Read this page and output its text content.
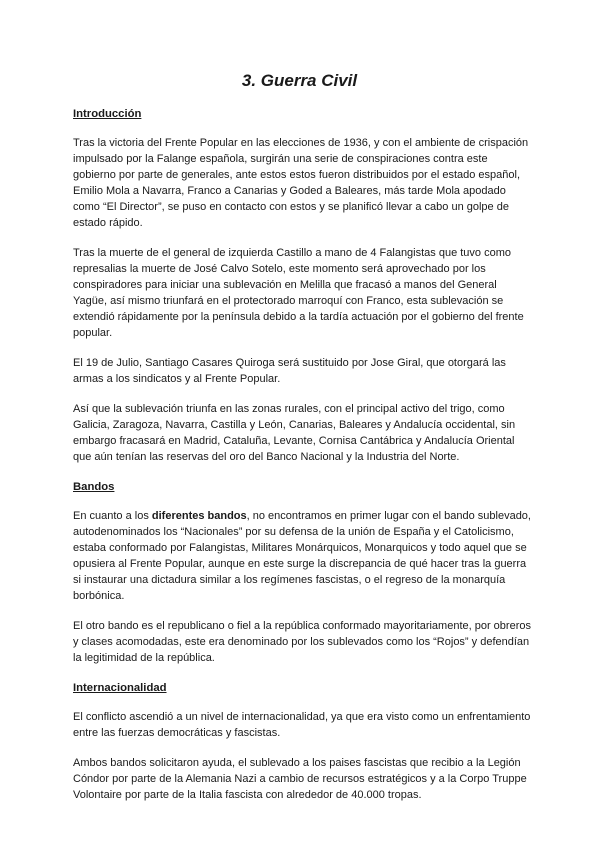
3. Guerra Civil
Introducción

Tras la victoria del Frente Popular en las elecciones de 1936, y con el ambiente de crispación impulsado por la Falange española, surgirán una serie de conspiraciones contra este gobierno por parte de generales, ante estos estos fueron distribuidos por el estado español, Emilio Mola a Navarra, Franco a Canarias y Goded a Baleares, más tarde Mola apodado como “El Director”, se puso en contacto con estos y se planificó llevar a cabo un golpe de estado rápido.

Tras la muerte de el general de izquierda Castillo a mano de 4 Falangistas que tuvo como represalias la muerte de José Calvo Sotelo, este momento será aprovechado por los conspiradores para iniciar una sublevación en Melilla que fracasó a manos del General Yagüe, así mismo triunfará en el protectorado marroquí con Franco, esta sublevación se extendió rápidamente por la península debido a la tardía actuación por el gobierno del frente popular.

El 19 de Julio, Santiago Casares Quiroga será sustituido por Jose Giral, que otorgará las armas a los sindicatos y al Frente Popular.

Así que la sublevación triunfa en las zonas rurales, con el principal activo del trigo, como Galicia, Zaragoza, Navarra, Castilla y León, Canarias, Baleares y Andalucía occidental, sin embargo fracasará en Madrid, Cataluña, Levante, Cornisa Cantábrica y Andalucía Oriental que aún tenían las reservas del oro del Banco Nacional y la Industria del Norte.

Bandos

En cuanto a los diferentes bandos, no encontramos en primer lugar con el bando sublevado, autodenominados los “Nacionales” por su defensa de la unión de España y el Catolicismo, estaba conformado por Falangistas, Militares Monárquicos, Monarquicos y todo aquel que se opusiera al Frente Popular, aunque en este surge la discrepancia de qué hacer tras la guerra si instaurar una dictadura similar a los regímenes fascistas, o el regreso de la monarquía borbónica.

El otro bando es el republicano o fiel a la república conformado mayoritariamente, por obreros y clases acomodadas, este era denominado por los sublevados como los “Rojos” y defendían la legitimidad de la república.

Internacionalidad

El conflicto ascendió a un nivel de internacionalidad, ya que era visto como un enfrentamiento entre las fuerzas democráticas y fascistas.

Ambos bandos solicitaron ayuda, el sublevado a los paises fascistas que recibio a la Legión Cóndor por parte de la Alemania Nazi a cambio de recursos estratégicos y a la Corpo Truppe Volontaire por parte de la Italia fascista con alrededor de 40.000 tropas.
